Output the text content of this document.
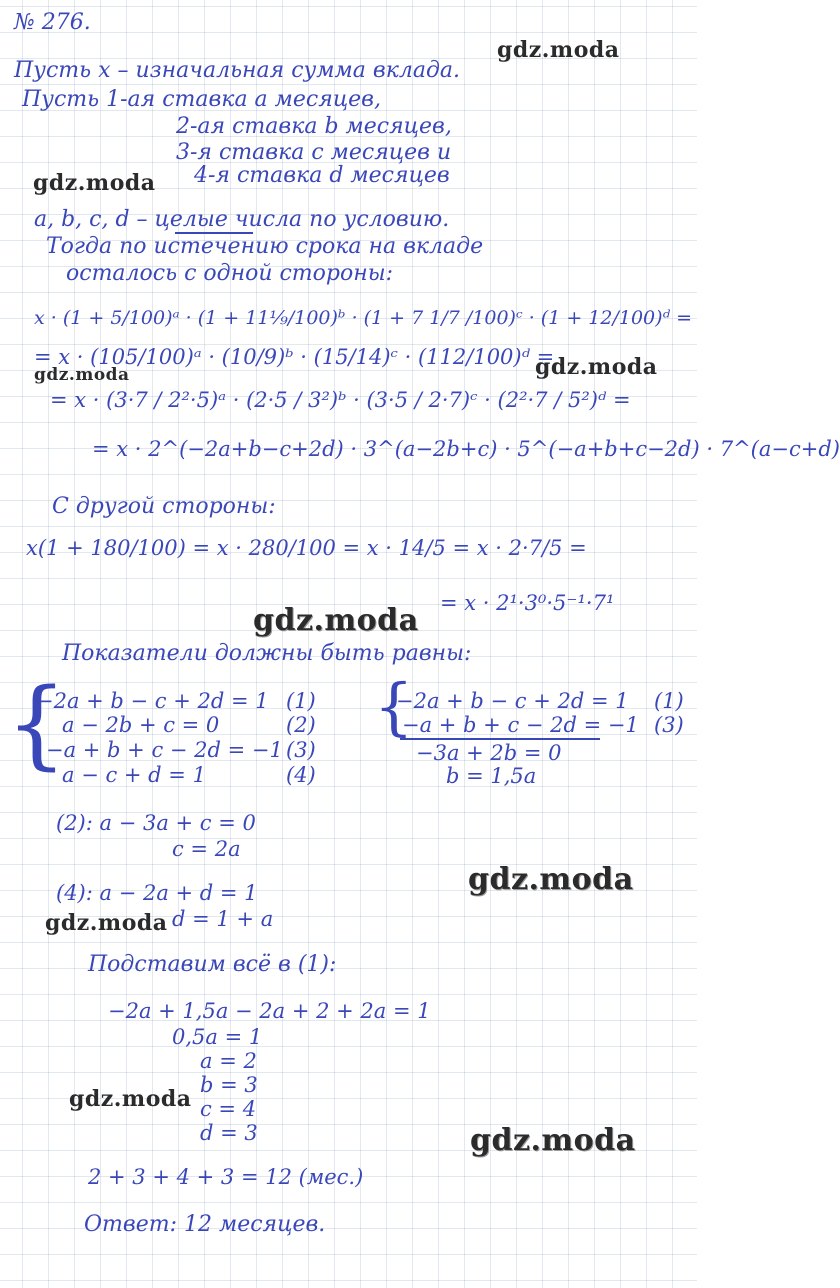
№ 276.
gdz.moda
gdz.moda
gdz.moda	gdz.moda
gdz.moda
gdz.moda
gdz.moda
gdz.moda
gdz.moda
Пусть x – изначальная сумма вклада.
Пусть 1-ая ставка a месяцев,
2-ая ставка b месяцев,
3-я ставка c месяцев и
4-я ставка d месяцев
a, b, c, d – целые числа по условию.
Тогда по истечению срока на вкладе
осталось с одной стороны:
x · (1 + 5/100)ᵃ · (1 + 11⅑/100)ᵇ · (1 + 7 1/7 /100)ᶜ · (1 + 12/100)ᵈ =
= x · (105/100)ᵃ · (10/9)ᵇ · (15/14)ᶜ · (112/100)ᵈ =
= x · (3·7 / 2²·5)ᵃ · (2·5 / 3²)ᵇ · (3·5 / 2·7)ᶜ · (2²·7 / 5²)ᵈ =
= x · 2^(−2a+b−c+2d) · 3^(a−2b+c) · 5^(−a+b+c−2d) · 7^(a−c+d)
С другой стороны:
x(1 + 180/100) = x · 280/100 = x · 14/5 = x · 2·7/5 =
= x · 2¹·3⁰·5⁻¹·7¹
Показатели должны быть равны:
{
−2a + b − c + 2d = 1 (1)
a − 2b + c = 0	(2)
−a + b + c − 2d = −1 (3)
a − c + d = 1	(4)
{
−2a + b − c + 2d = 1 (1)
−a + b + c − 2d = −1 (3)
−3a + 2b = 0
b = 1,5a
(2): a − 3a + c = 0
c = 2a
(4): a − 2a + d = 1
d = 1 + a
Подставим всё в (1):
−2a + 1,5a − 2a + 2 + 2a = 1
0,5a = 1
a = 2
b = 3
c = 4
d = 3
2 + 3 + 4 + 3 = 12 (мес.)
Ответ: 12 месяцев.
